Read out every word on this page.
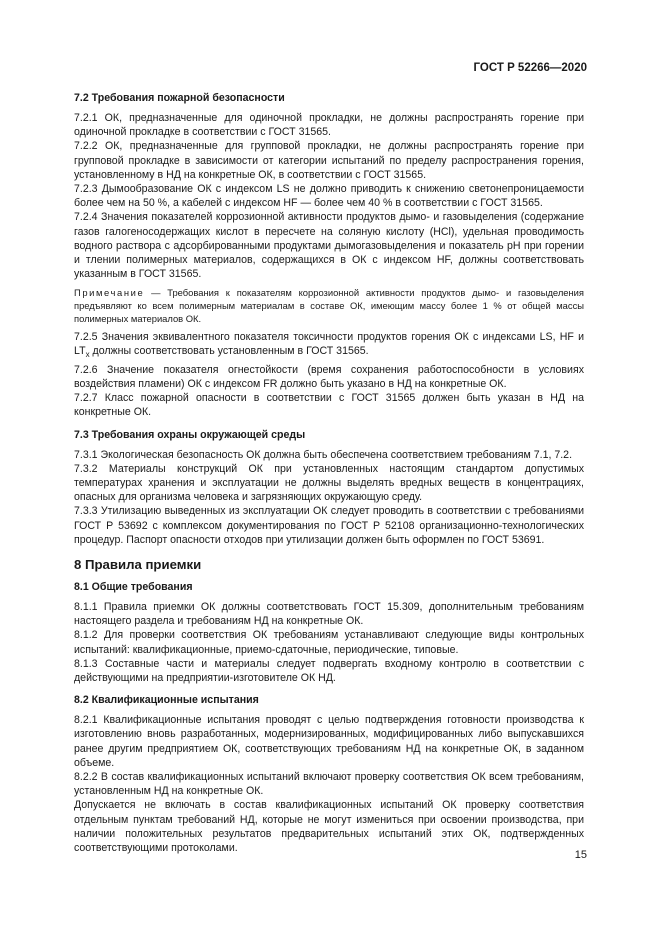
ГОСТ Р 52266—2020
7.2 Требования пожарной безопасности

7.2.1 ОК, предназначенные для одиночной прокладки, не должны распространять горение при одиночной прокладке в соответствии с ГОСТ 31565.

7.2.2 ОК, предназначенные для групповой прокладки, не должны распространять горение при групповой прокладке в зависимости от категории испытаний по пределу распространения горения, установленному в НД на конкретные ОК, в соответствии с ГОСТ 31565.

7.2.3 Дымообразование ОК с индексом LS не должно приводить к снижению светонепроницаемости более чем на 50 %, а кабелей с индексом HF — более чем 40 % в соответствии с ГОСТ 31565.

7.2.4 Значения показателей коррозионной активности продуктов дымо- и газовыделения (содержание газов галогеносодержащих кислот в пересчете на соляную кислоту (HCl), удельная проводимость водного раствора с адсорбированными продуктами дымогазовыделения и показатель pH при горении и тлении полимерных материалов, содержащихся в ОК с индексом HF, должны соответствовать указанным в ГОСТ 31565.

Примечание — Требования к показателям коррозионной активности продуктов дымо- и газовыделения предъявляют ко всем полимерным материалам в составе ОК, имеющим массу более 1 % от общей массы полимерных материалов ОК.

7.2.5 Значения эквивалентного показателя токсичности продуктов горения ОК с индексами LS, HF и $LT_x$ должны соответствовать установленным в ГОСТ 31565.

7.2.6 Значение показателя огнестойкости (время сохранения работоспособности в условиях воздействия пламени) ОК с индексом FR должно быть указано в НД на конкретные ОК.

7.2.7 Класс пожарной опасности в соответствии с ГОСТ 31565 должен быть указан в НД на конкретные ОК.

7.3 Требования охраны окружающей среды

7.3.1 Экологическая безопасность ОК должна быть обеспечена соответствием требованиям 7.1, 7.2.

7.3.2 Материалы конструкций ОК при установленных настоящим стандартом допустимых температурах хранения и эксплуатации не должны выделять вредных веществ в концентрациях, опасных для организма человека и загрязняющих окружающую среду.

7.3.3 Утилизацию выведенных из эксплуатации ОК следует проводить в соответствии с требованиями ГОСТ Р 53692 с комплексом документирования по ГОСТ Р 52108 организационно-технологических процедур. Паспорт опасности отходов при утилизации должен быть оформлен по ГОСТ 53691.

8 Правила приемки
8.1 Общие требования

8.1.1 Правила приемки ОК должны соответствовать ГОСТ 15.309, дополнительным требованиям настоящего раздела и требованиям НД на конкретные ОК.

8.1.2 Для проверки соответствия ОК требованиям устанавливают следующие виды контрольных испытаний: квалификационные, приемо-сдаточные, периодические, типовые.

8.1.3 Составные части и материалы следует подвергать входному контролю в соответствии с действующими на предприятии-изготовителе ОК НД.

8.2 Квалификационные испытания

8.2.1 Квалификационные испытания проводят с целью подтверждения готовности производства к изготовлению вновь разработанных, модернизированных, модифицированных либо выпускавшихся ранее другим предприятием ОК, соответствующих требованиям НД на конкретные ОК, в заданном объеме.

8.2.2 В состав квалификационных испытаний включают проверку соответствия ОК всем требованиям, установленным НД на конкретные ОК.

Допускается не включать в состав квалификационных испытаний ОК проверку соответствия отдельным пунктам требований НД, которые не могут измениться при освоении производства, при наличии положительных результатов предварительных испытаний этих ОК, подтвержденных соответствующими протоколами.

15
